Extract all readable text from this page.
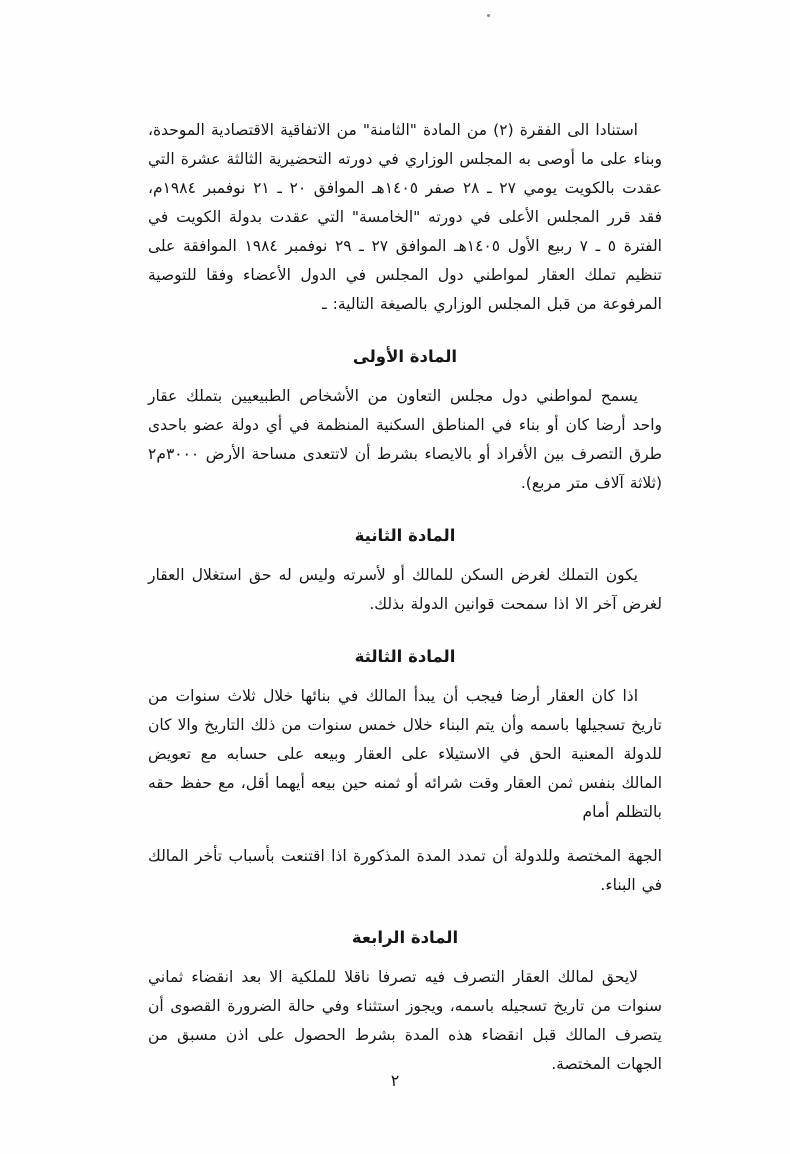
استنادا الى الفقرة (٢) من المادة "الثامنة" من الاتفاقية الاقتصادية الموحدة، وبناء على ما أوصى به المجلس الوزاري في دورته التحضيرية الثالثة عشرة التي عقدت بالكويت يومي ٢٧ ـ ٢٨ صفر ١٤٠٥هـ الموافق ٢٠ ـ ٢١ نوفمبر ١٩٨٤م، فقد قرر المجلس الأعلى في دورته "الخامسة" التي عقدت بدولة الكويت في الفترة ٥ ـ ٧ ربيع الأول ١٤٠٥هـ الموافق ٢٧ ـ ٢٩ نوفمبر ١٩٨٤ الموافقة على تنظيم تملك العقار لمواطني دول المجلس في الدول الأعضاء وفقا للتوصية المرفوعة من قبل المجلس الوزاري بالصيغة التالية: ـ

المادة الأولى

يسمح لمواطني دول مجلس التعاون من الأشخاص الطبيعيين بتملك عقار واحد أرضا كان أو بناء في المناطق السكنية المنظمة في أي دولة عضو باحدى طرق التصرف بين الأفراد أو بالايصاء بشرط أن لاتتعدى مساحة الأرض ٣٠٠٠م٢ (ثلاثة آلاف متر مربع).

المادة الثانية

يكون التملك لغرض السكن للمالك أو لأسرته وليس له حق استغلال العقار لغرض آخر الا اذا سمحت قوانين الدولة بذلك.

المادة الثالثة

اذا كان العقار أرضا فيجب أن يبدأ المالك في بنائها خلال ثلاث سنوات من تاريخ تسجيلها باسمه وأن يتم البناء خلال خمس سنوات من ذلك التاريخ والا كان للدولة المعنية الحق في الاستيلاء على العقار وبيعه على حسابه مع تعويض المالك بنفس ثمن العقار وقت شرائه أو ثمنه حين بيعه أيهما أقل، مع حفظ حقه بالتظلم أمام

الجهة المختصة وللدولة أن تمدد المدة المذكورة اذا اقتنعت بأسباب تأخر المالك في البناء.

المادة الرابعة

لايحق لمالك العقار التصرف فيه تصرفا ناقلا للملكية الا بعد انقضاء ثماني سنوات من تاريخ تسجيله باسمه، ويجوز استثناء وفي حالة الضرورة القصوى أن يتصرف المالك قبل انقضاء هذه المدة بشرط الحصول على اذن مسبق من الجهات المختصة.

٢
